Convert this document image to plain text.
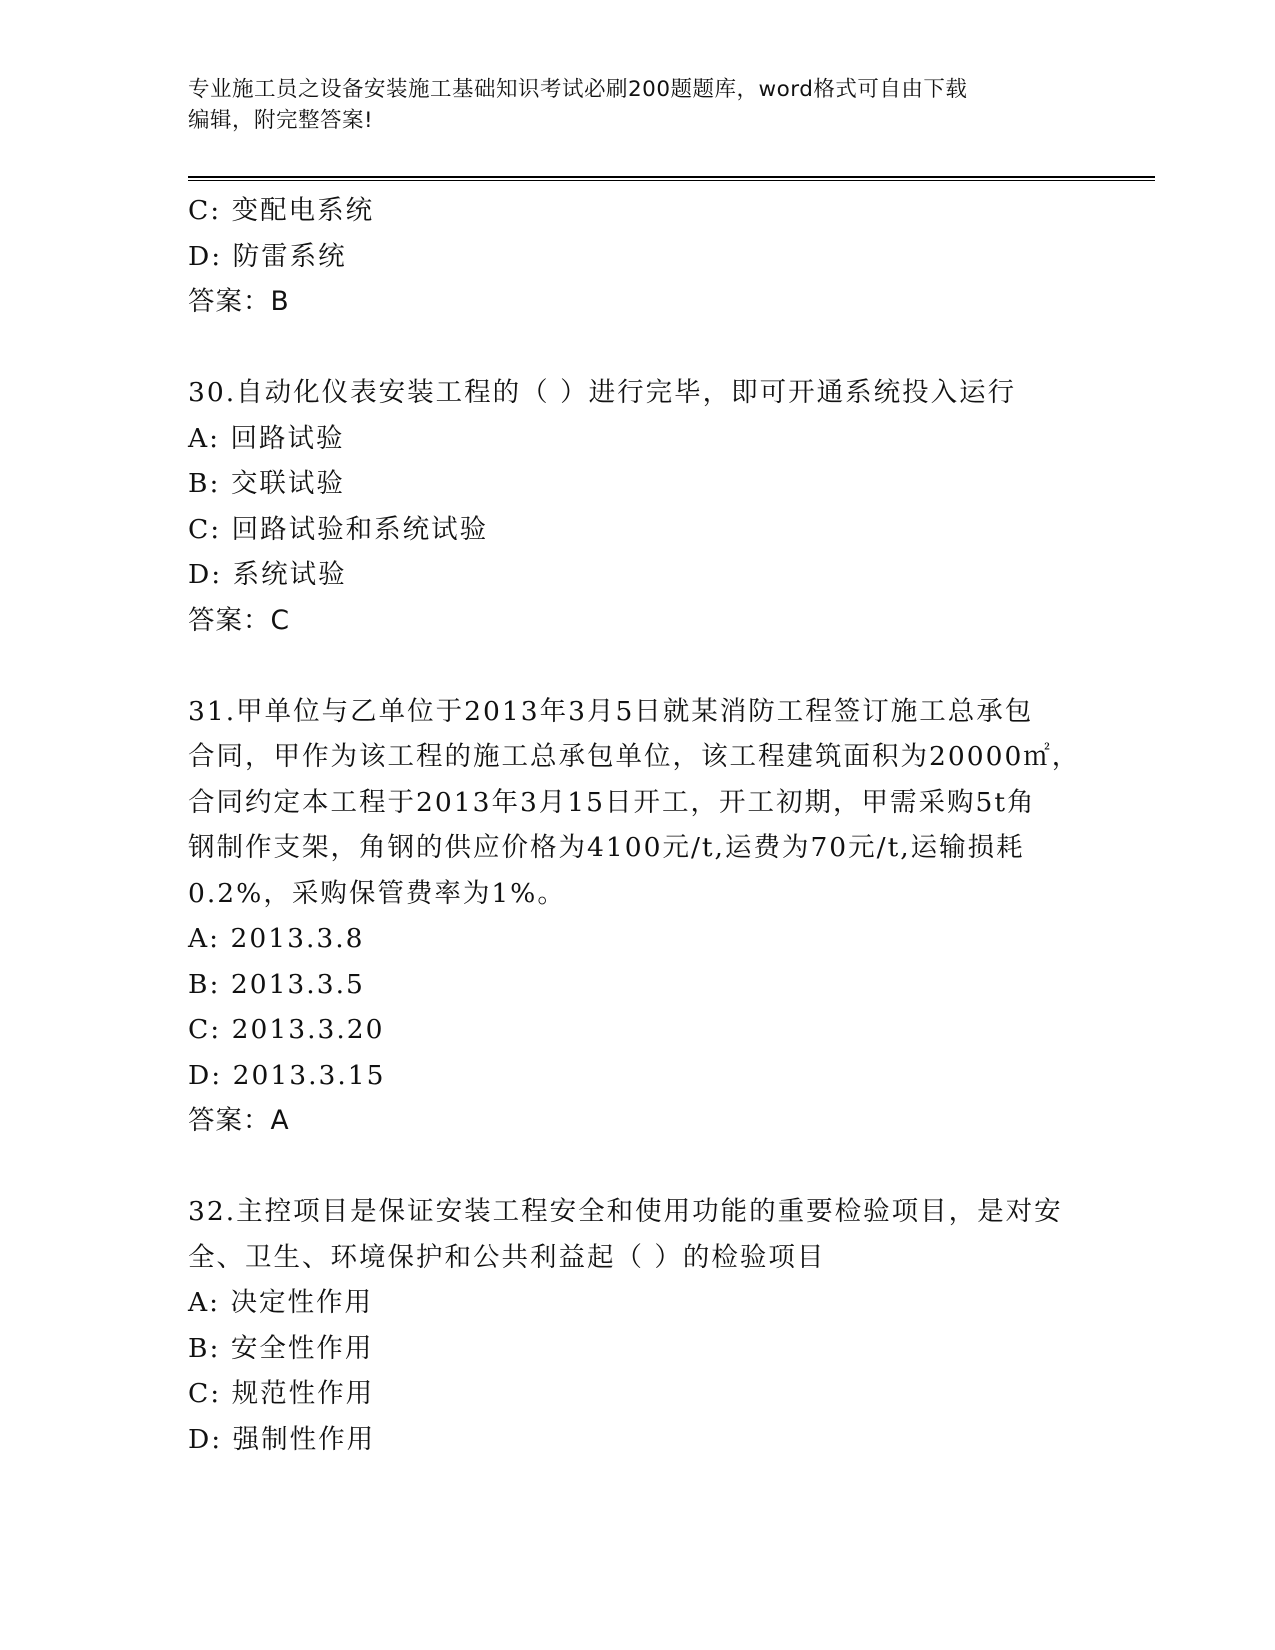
专业施工员之设备安装施工基础知识考试必刷200题题库，word格式可自由下载
编辑，附完整答案!
C: 变配电系统
D: 防雷系统
答案：B
30.自动化仪表安装工程的（ ）进行完毕，即可开通系统投入运行
A: 回路试验
B: 交联试验
C: 回路试验和系统试验
D: 系统试验
答案：C
31.甲单位与乙单位于2013年3月5日就某消防工程签订施工总承包
合同，甲作为该工程的施工总承包单位，该工程建筑面积为20000㎡，
合同约定本工程于2013年3月15日开工，开工初期，甲需采购5t角
钢制作支架，角钢的供应价格为4100元/t,运费为70元/t,运输损耗
0.2%，采购保管费率为1%。
A: 2013.3.8
B: 2013.3.5
C: 2013.3.20
D: 2013.3.15
答案：A
32.主控项目是保证安装工程安全和使用功能的重要检验项目，是对安
全、卫生、环境保护和公共利益起（ ）的检验项目
A: 决定性作用
B: 安全性作用
C: 规范性作用
D: 强制性作用
